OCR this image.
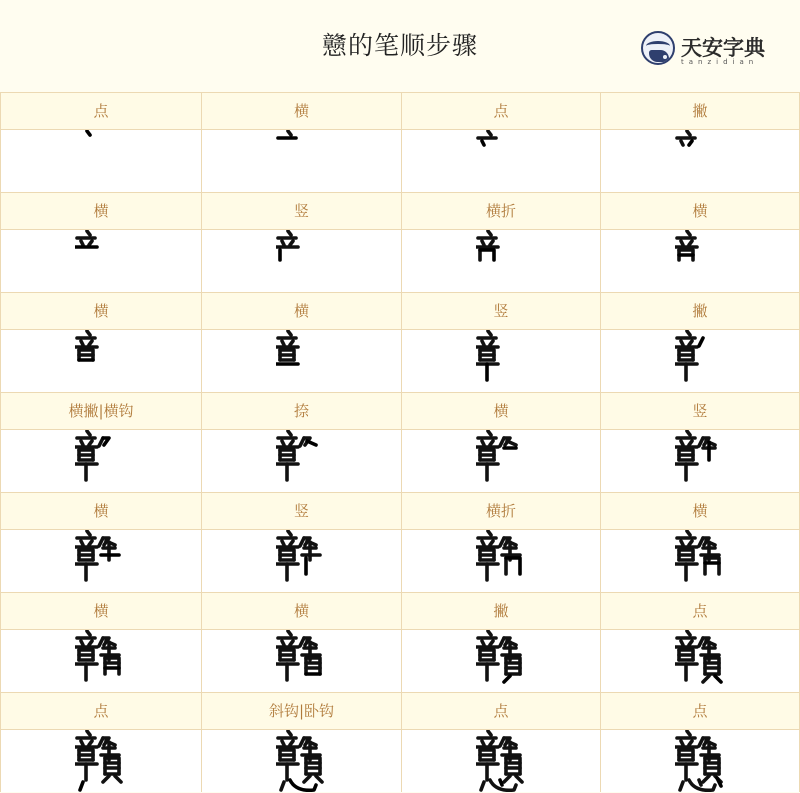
戆的笔顺步骤	天安字典
tanzidian
点	横	点	撇
横	竖	横折	横
横	横	竖	撇
横撇|横钩	捺	横	竖
横	竖	横折	横
横	横	撇	点
点	斜钩|卧钩	点	点
